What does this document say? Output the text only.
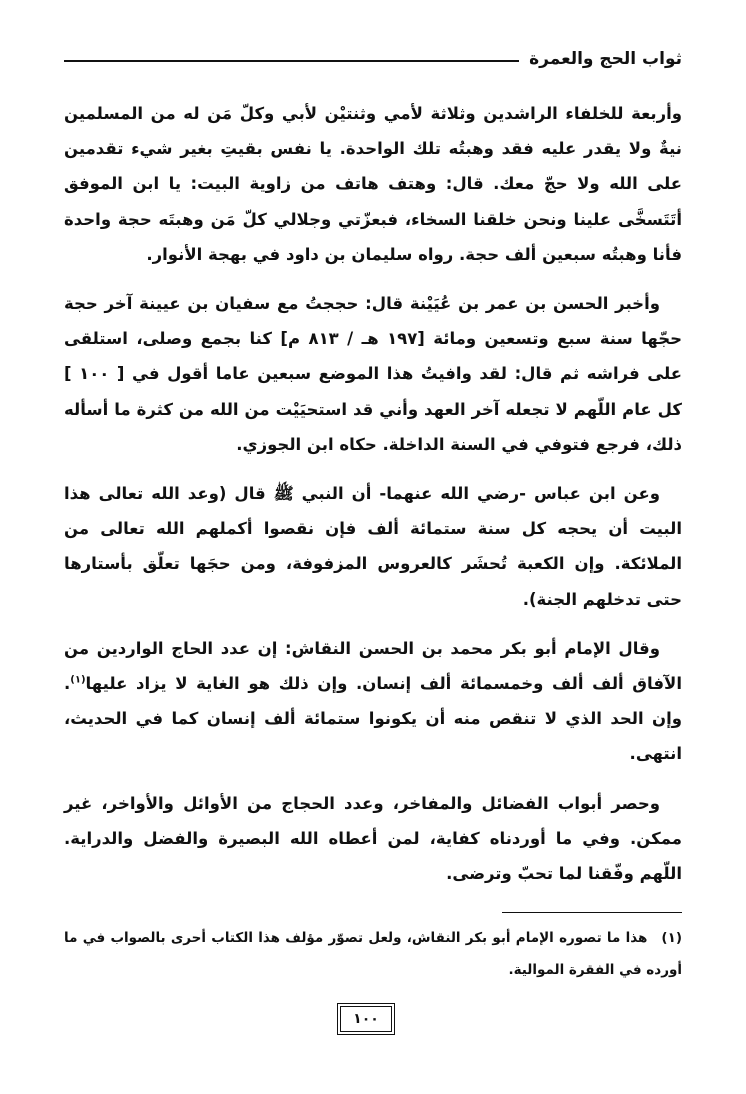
ثواب الحج والعمرة

وأربعة للخلفاء الراشدين وثلاثة لأمي وثنتيْن لأبي وكلّ مَن له من المسلمين نيةٌ ولا يقدر عليه فقد وهبتُه تلك الواحدة. يا نفس بقيتِ بغير شيء تقدمين على الله ولا حجّ معك. قال: وهتف هاتف من زاوية البيت: يا ابن الموفق أتَتَسخَّى علينا ونحن خلقنا السخاء، فبعزّتي وجلالي كلّ مَن وهبتَه حجة واحدة فأنا وهبتُه سبعين ألف حجة. رواه سليمان بن داود في بهجة الأنوار.

وأخبر الحسن بن عمر بن عُيَيْنة قال: حججتُ مع سفيان بن عيينة آخر حجة حجّها سنة سبع وتسعين ومائة [١٩٧ هـ / ٨١٣ م] كنا بجمع وصلى، استلقى على فراشه ثم قال: لقد وافيتُ هذا الموضع سبعين عاما أقول في [ ١٠٠ ] كل عام اللّهم لا تجعله آخر العهد وأني قد استحيَيْت من الله من كثرة ما أسأله ذلك، فرجع فتوفي في السنة الداخلة. حكاه ابن الجوزي.

وعن ابن عباس -رضي الله عنهما- أن النبي ﷺ قال (وعد الله تعالى هذا البيت أن يحجه كل سنة ستمائة ألف فإن نقصوا أكملهم الله تعالى من الملائكة. وإن الكعبة تُحشَر كالعروس المزفوفة، ومن حجَها تعلّق بأستارها حتى تدخلهم الجنة).

وقال الإمام أبو بكر محمد بن الحسن النقاش: إن عدد الحاج الواردين من الآفاق ألف ألف وخمسمائة ألف إنسان. وإن ذلك هو الغاية لا يزاد عليها$^{(١)}$. وإن الحد الذي لا تنقص منه أن يكونوا ستمائة ألف إنسان كما في الحديث، انتهى.

وحصر أبواب الفضائل والمفاخر، وعدد الحجاج من الأوائل والأواخر، غير ممكن. وفي ما أوردناه كفاية، لمن أعطاه الله البصيرة والفضل والدراية. اللّهم وفّقنا لما تحبّ وترضى.

(١)هذا ما تصوره الإمام أبو بكر النقاش، ولعل تصوّر مؤلف هذا الكتاب أحرى بالصواب في ما أورده في الفقرة الموالية.
١٠٠
